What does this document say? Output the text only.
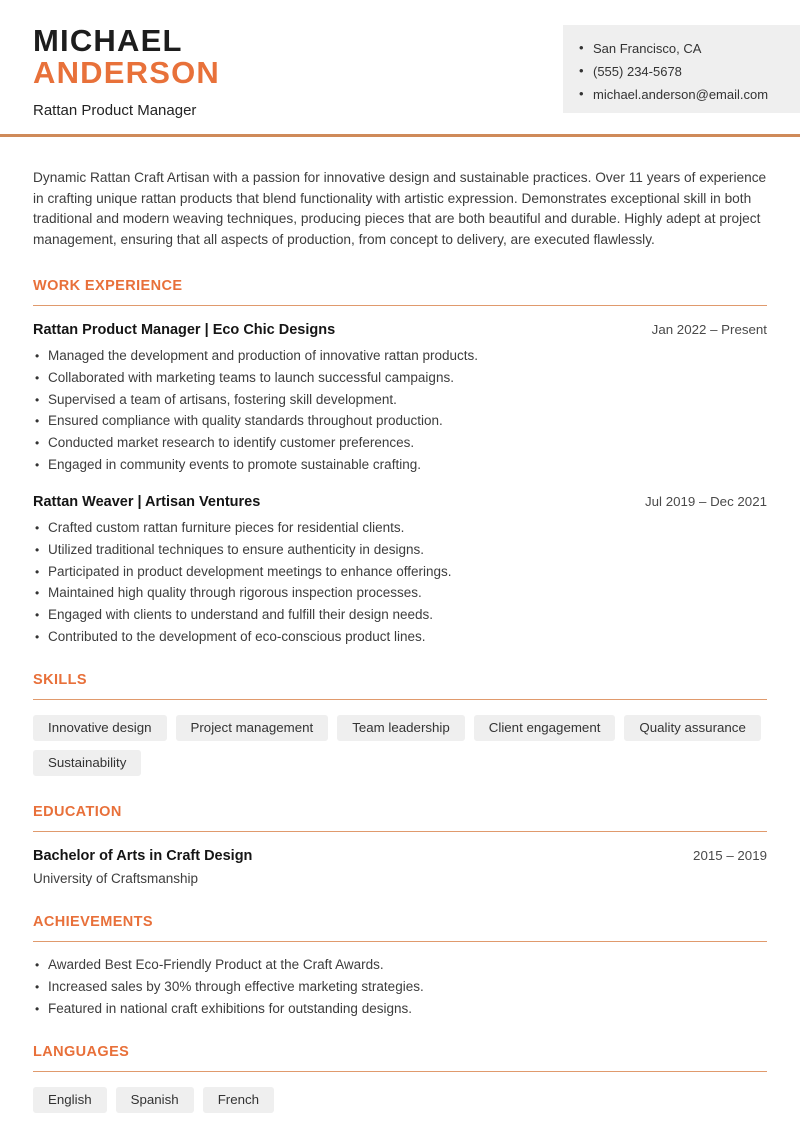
MICHAEL
ANDERSON
Rattan Product Manager
• San Francisco, CA
• (555) 234-5678
• michael.anderson@email.com

Dynamic Rattan Craft Artisan with a passion for innovative design and sustainable practices. Over 11 years of experience in crafting unique rattan products that blend functionality with artistic expression. Demonstrates exceptional skill in both traditional and modern weaving techniques, producing pieces that are both beautiful and durable. Highly adept at project management, ensuring that all aspects of production, from concept to delivery, are executed flawlessly.

WORK EXPERIENCE
Rattan Product Manager | Eco Chic Designs	Jan 2022 – Present
• Managed the development and production of innovative rattan products.
• Collaborated with marketing teams to launch successful campaigns.
• Supervised a team of artisans, fostering skill development.
• Ensured compliance with quality standards throughout production.
• Conducted market research to identify customer preferences.
• Engaged in community events to promote sustainable crafting.
Rattan Weaver | Artisan Ventures	Jul 2019 – Dec 2021
• Crafted custom rattan furniture pieces for residential clients.
• Utilized traditional techniques to ensure authenticity in designs.
• Participated in product development meetings to enhance offerings.
• Maintained high quality through rigorous inspection processes.
• Engaged with clients to understand and fulfill their design needs.
• Contributed to the development of eco-conscious product lines.
SKILLS
Innovative design	Project management	Team leadership	Client engagement	Quality assurance
Sustainability
EDUCATION
Bachelor of Arts in Craft Design	2015 – 2019
University of Craftsmanship
ACHIEVEMENTS
• Awarded Best Eco-Friendly Product at the Craft Awards.
• Increased sales by 30% through effective marketing strategies.
• Featured in national craft exhibitions for outstanding designs.
LANGUAGES
English	Spanish	French
